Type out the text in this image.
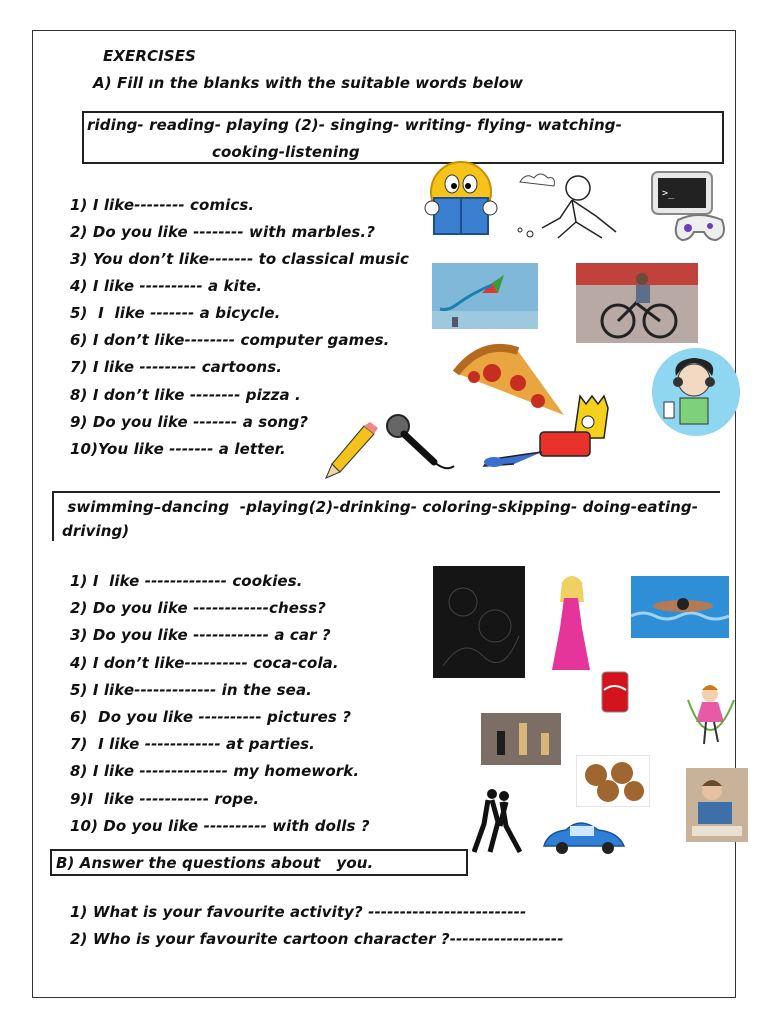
EXERCISES
A) Fill ın the blanks with the suitable words below
riding- reading- playing (2)- singing- writing- flying- watching-
cooking-listening
1) I like-------- comics.
2) Do you like -------- with marbles.?
3) You don’t like------- to classical music
4) I like ---------- a kite.
5)  I  like ------- a bicycle.
6) I don’t like-------- computer games.
7) I like --------- cartoons.
8) I don’t like -------- pizza .
9) Do you like ------- a song?
10)You like ------- a letter.
>_
swimming–dancing  -playing(2)-drinking- coloring-skipping- doing-eating-
driving)
1) I  like ------------- cookies.
2) Do you like ------------chess?
3) Do you like ------------ a car ?
4) I don’t like---------- coca-cola.
5) I like------------- in the sea.
6)  Do you like ---------- pictures ?
7)  I like ------------ at parties.
8) I like -------------- my homework.
9)I  like ----------- rope.
10) Do you like ---------- with dolls ?
B) Answer the questions about   you.
1) What is your favourite activity? -------------------------
2) Who is your favourite cartoon character ?------------------
